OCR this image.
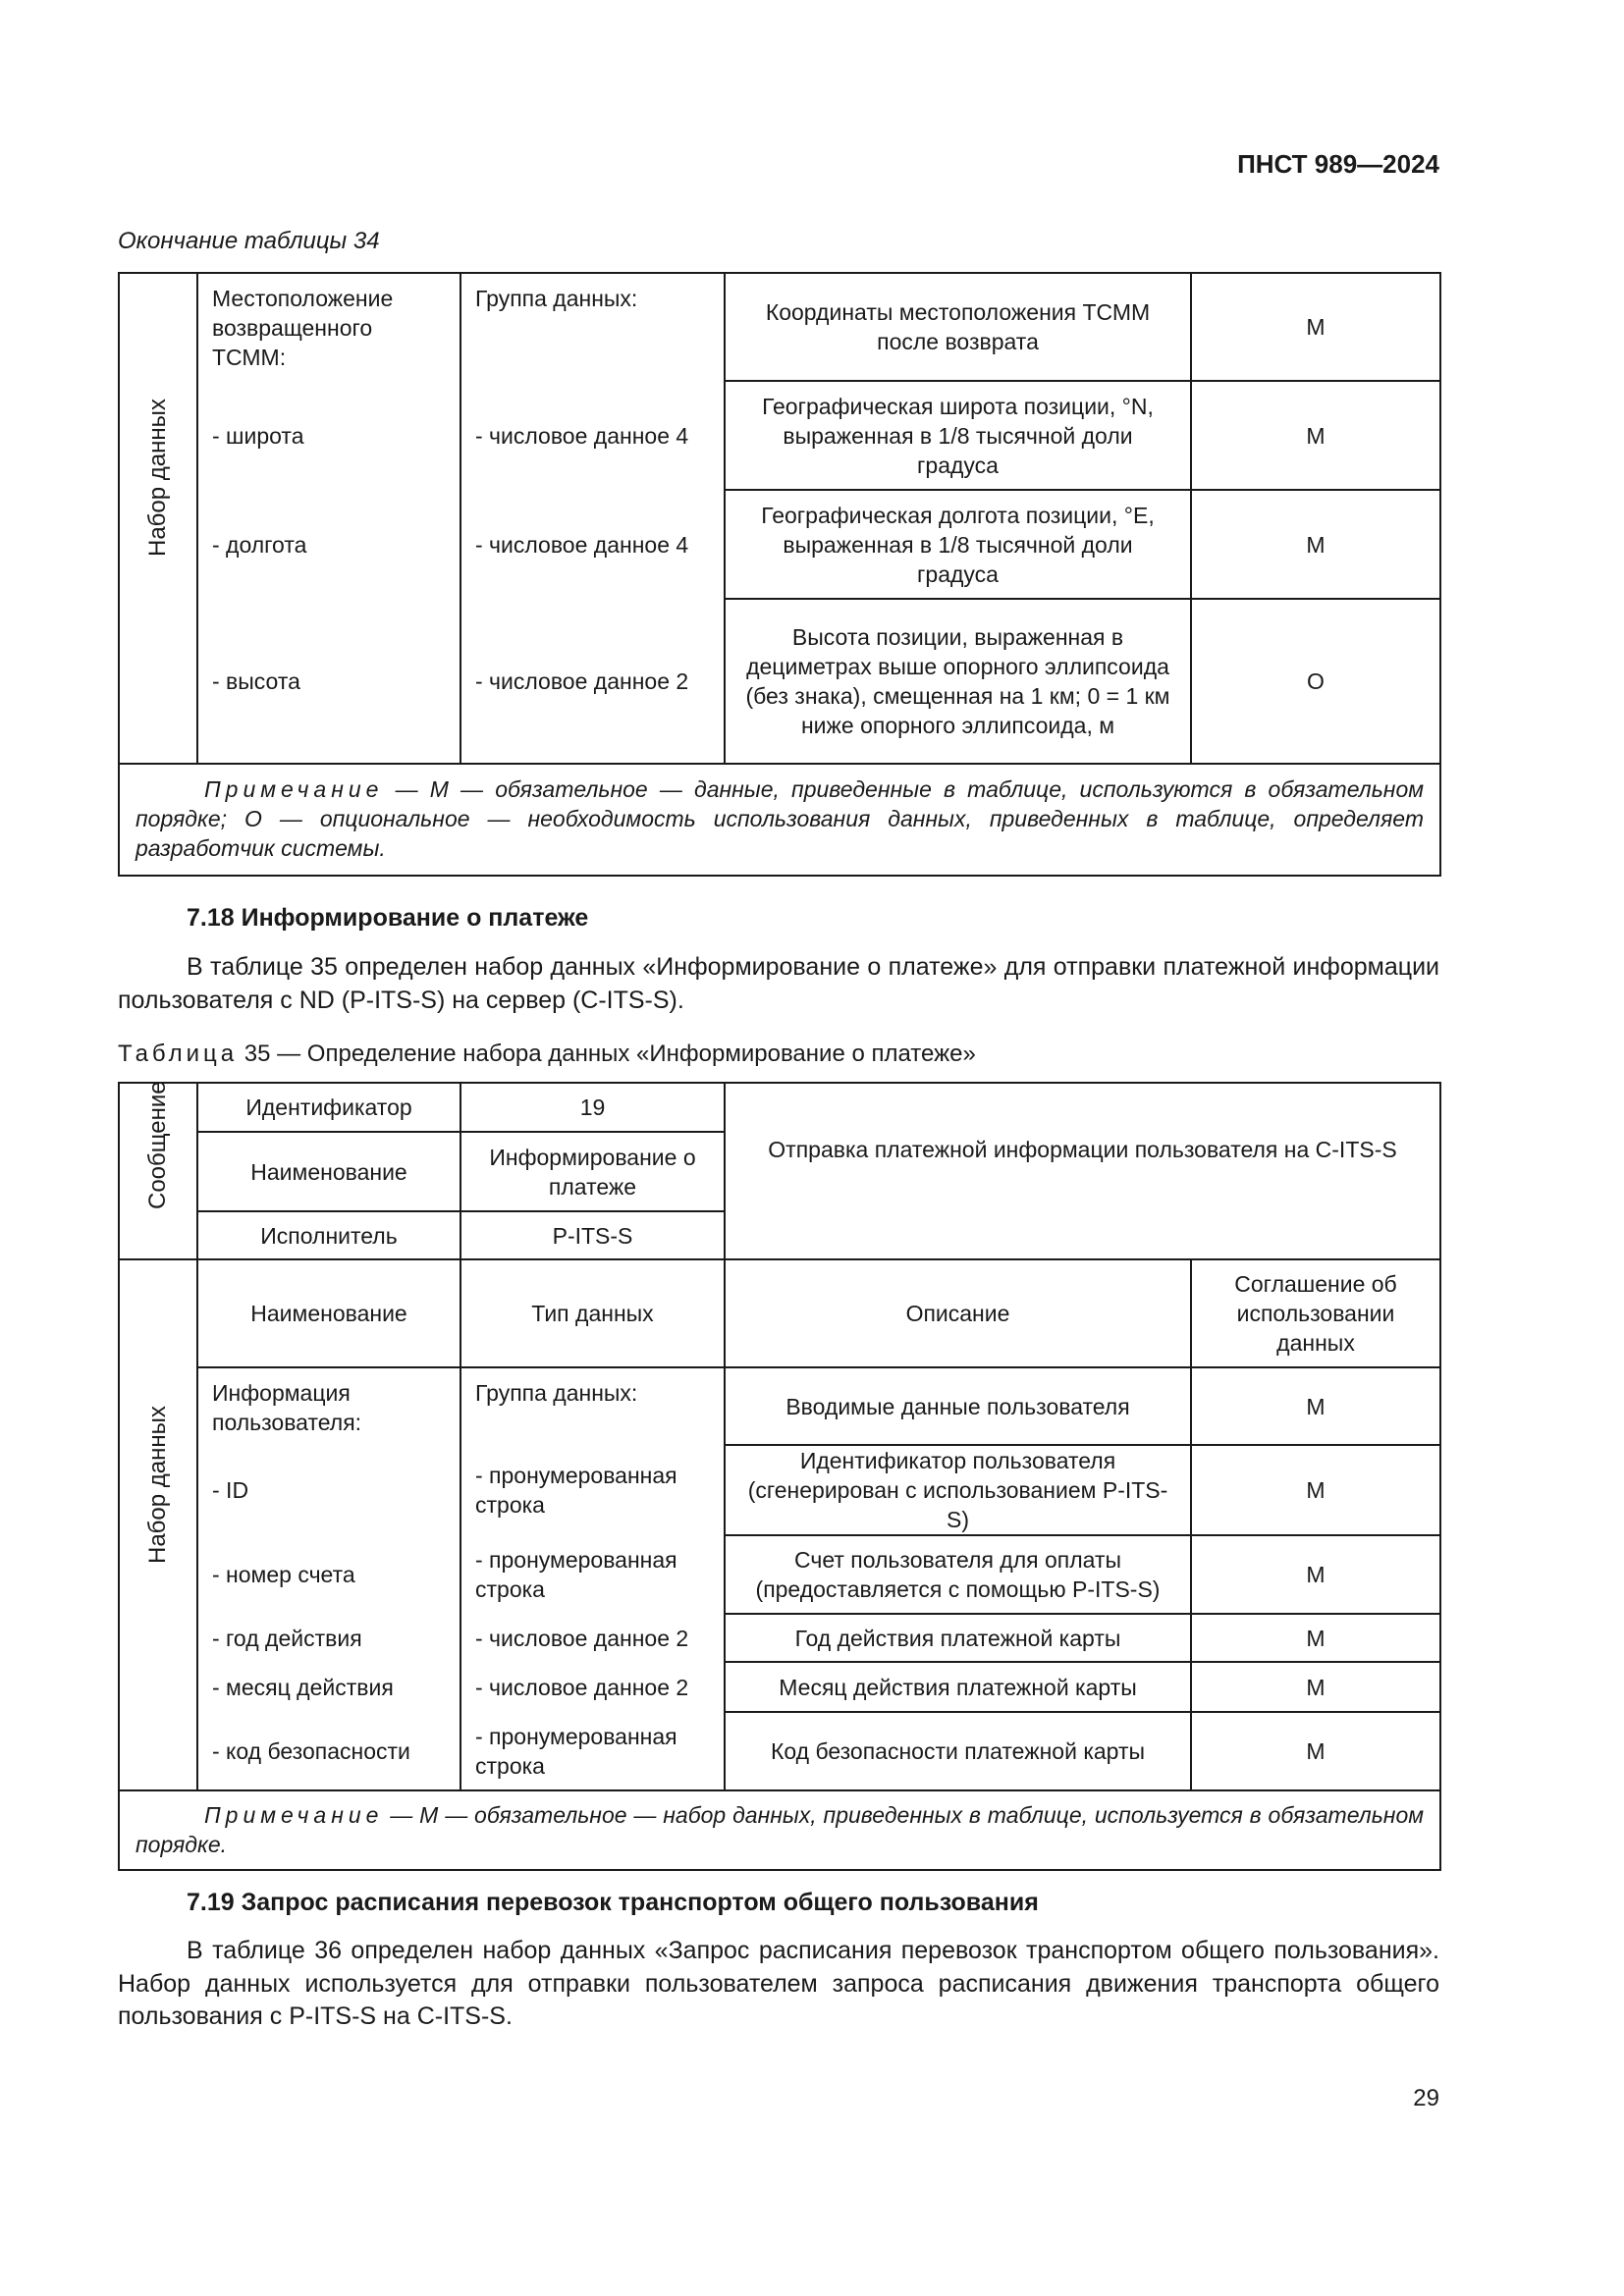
ПНСТ 989—2024
Окончание таблицы 34
Набор данных	Местоположение возвращенного ТСММ:	Группа данных:	Координаты местоположения ТСММ после возврата	М
	- широта	- числовое данное 4	Географическая широта позиции, °N, выраженная в 1/8 тысячной доли градуса	М
	- долгота	- числовое данное 4	Географическая долгота позиции, °E, выраженная в 1/8 тысячной доли градуса	М
	- высота	- числовое данное 2	Высота позиции, выраженная в дециметрах выше опорного эллипсоида (без знака), смещенная на 1 км; 0 = 1 км ниже опорного эллипсоида, м	О
Примечание — М — обязательное — данные, приведенные в таблице, используются в обязательном порядке; О — опциональное — необходимость использования данных, приведенных в таблице, определяет разработчик системы.				
7.18 Информирование о платеже
В таблице 35 определен набор данных «Информирование о платеже» для отправки платежной информации пользователя с ND (P-ITS-S) на сервер (C-ITS-S).
Таблица 35 — Определение набора данных «Информирование о платеже»
Сообщение	Идентификатор	19	Отправка платежной информации пользователя на C-ITS-S	
	Наименование	Информирование о платеже		
	Исполнитель	P-ITS-S		

Набор данных	Наименование	Тип данных	Описание	Соглашение об использовании данных
	Информация пользователя:	Группа данных:	Вводимые данные пользователя	М
	- ID	- пронумерованная строка	Идентификатор пользователя (сгенерирован с использованием P-ITS-S)	М
	- номер счета	- пронумерованная строка	Счет пользователя для оплаты (предоставляется с помощью P-ITS-S)	М
	- год действия	- числовое данное 2	Год действия платежной карты	М
	- месяц действия	- числовое данное 2	Месяц действия платежной карты	М
	- код безопасности	- пронумерованная строка	Код безопасности платежной карты	М
Примечание — М — обязательное — набор данных, приведенных в таблице, используется в обязательном порядке.				
7.19 Запрос расписания перевозок транспортом общего пользования
В таблице 36 определен набор данных «Запрос расписания перевозок транспортом общего пользования». Набор данных используется для отправки пользователем запроса расписания движения транспорта общего пользования с P-ITS-S на C-ITS-S.
29
